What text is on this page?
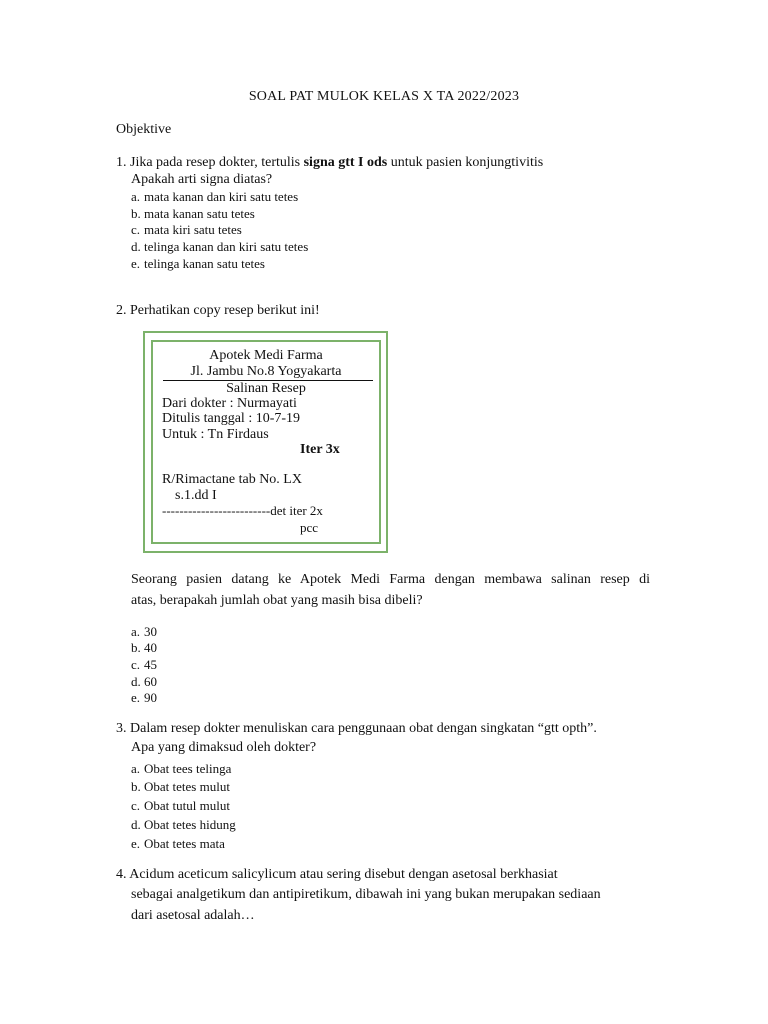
SOAL PAT MULOK KELAS X TA 2022/2023
Objektive
1. Jika pada resep dokter, tertulis signa gtt I ods untuk pasien konjungtivitis
Apakah arti signa diatas?
a. mata kanan dan kiri satu tetes
b. mata kanan satu tetes
c. mata kiri satu tetes
d. telinga kanan dan kiri satu tetes
e. telinga kanan satu tetes
2. Perhatikan copy resep berikut ini!
Apotek Medi Farma
Jl. Jambu No.8 Yogyakarta
Salinan Resep
Dari dokter : Nurmayati
Ditulis tanggal : 10-7-19
Untuk : Tn Firdaus
Iter 3x
R/Rimactane tab No. LX
s.1.dd I
-------------------------det iter 2x
pcc
Seorang pasien datang ke Apotek Medi Farma dengan membawa salinan resep di
atas, berapakah jumlah obat yang masih bisa dibeli?
a. 30
b. 40
c. 45
d. 60
e. 90
3. Dalam resep dokter menuliskan cara penggunaan obat dengan singkatan “gtt opth”.
Apa yang dimaksud oleh dokter?
a. Obat tees telinga
b. Obat tetes mulut
c. Obat tutul mulut
d. Obat tetes hidung
e. Obat tetes mata
4. Acidum aceticum salicylicum atau sering disebut dengan asetosal berkhasiat
sebagai analgetikum dan antipiretikum, dibawah ini yang bukan merupakan sediaan
dari asetosal adalah…
